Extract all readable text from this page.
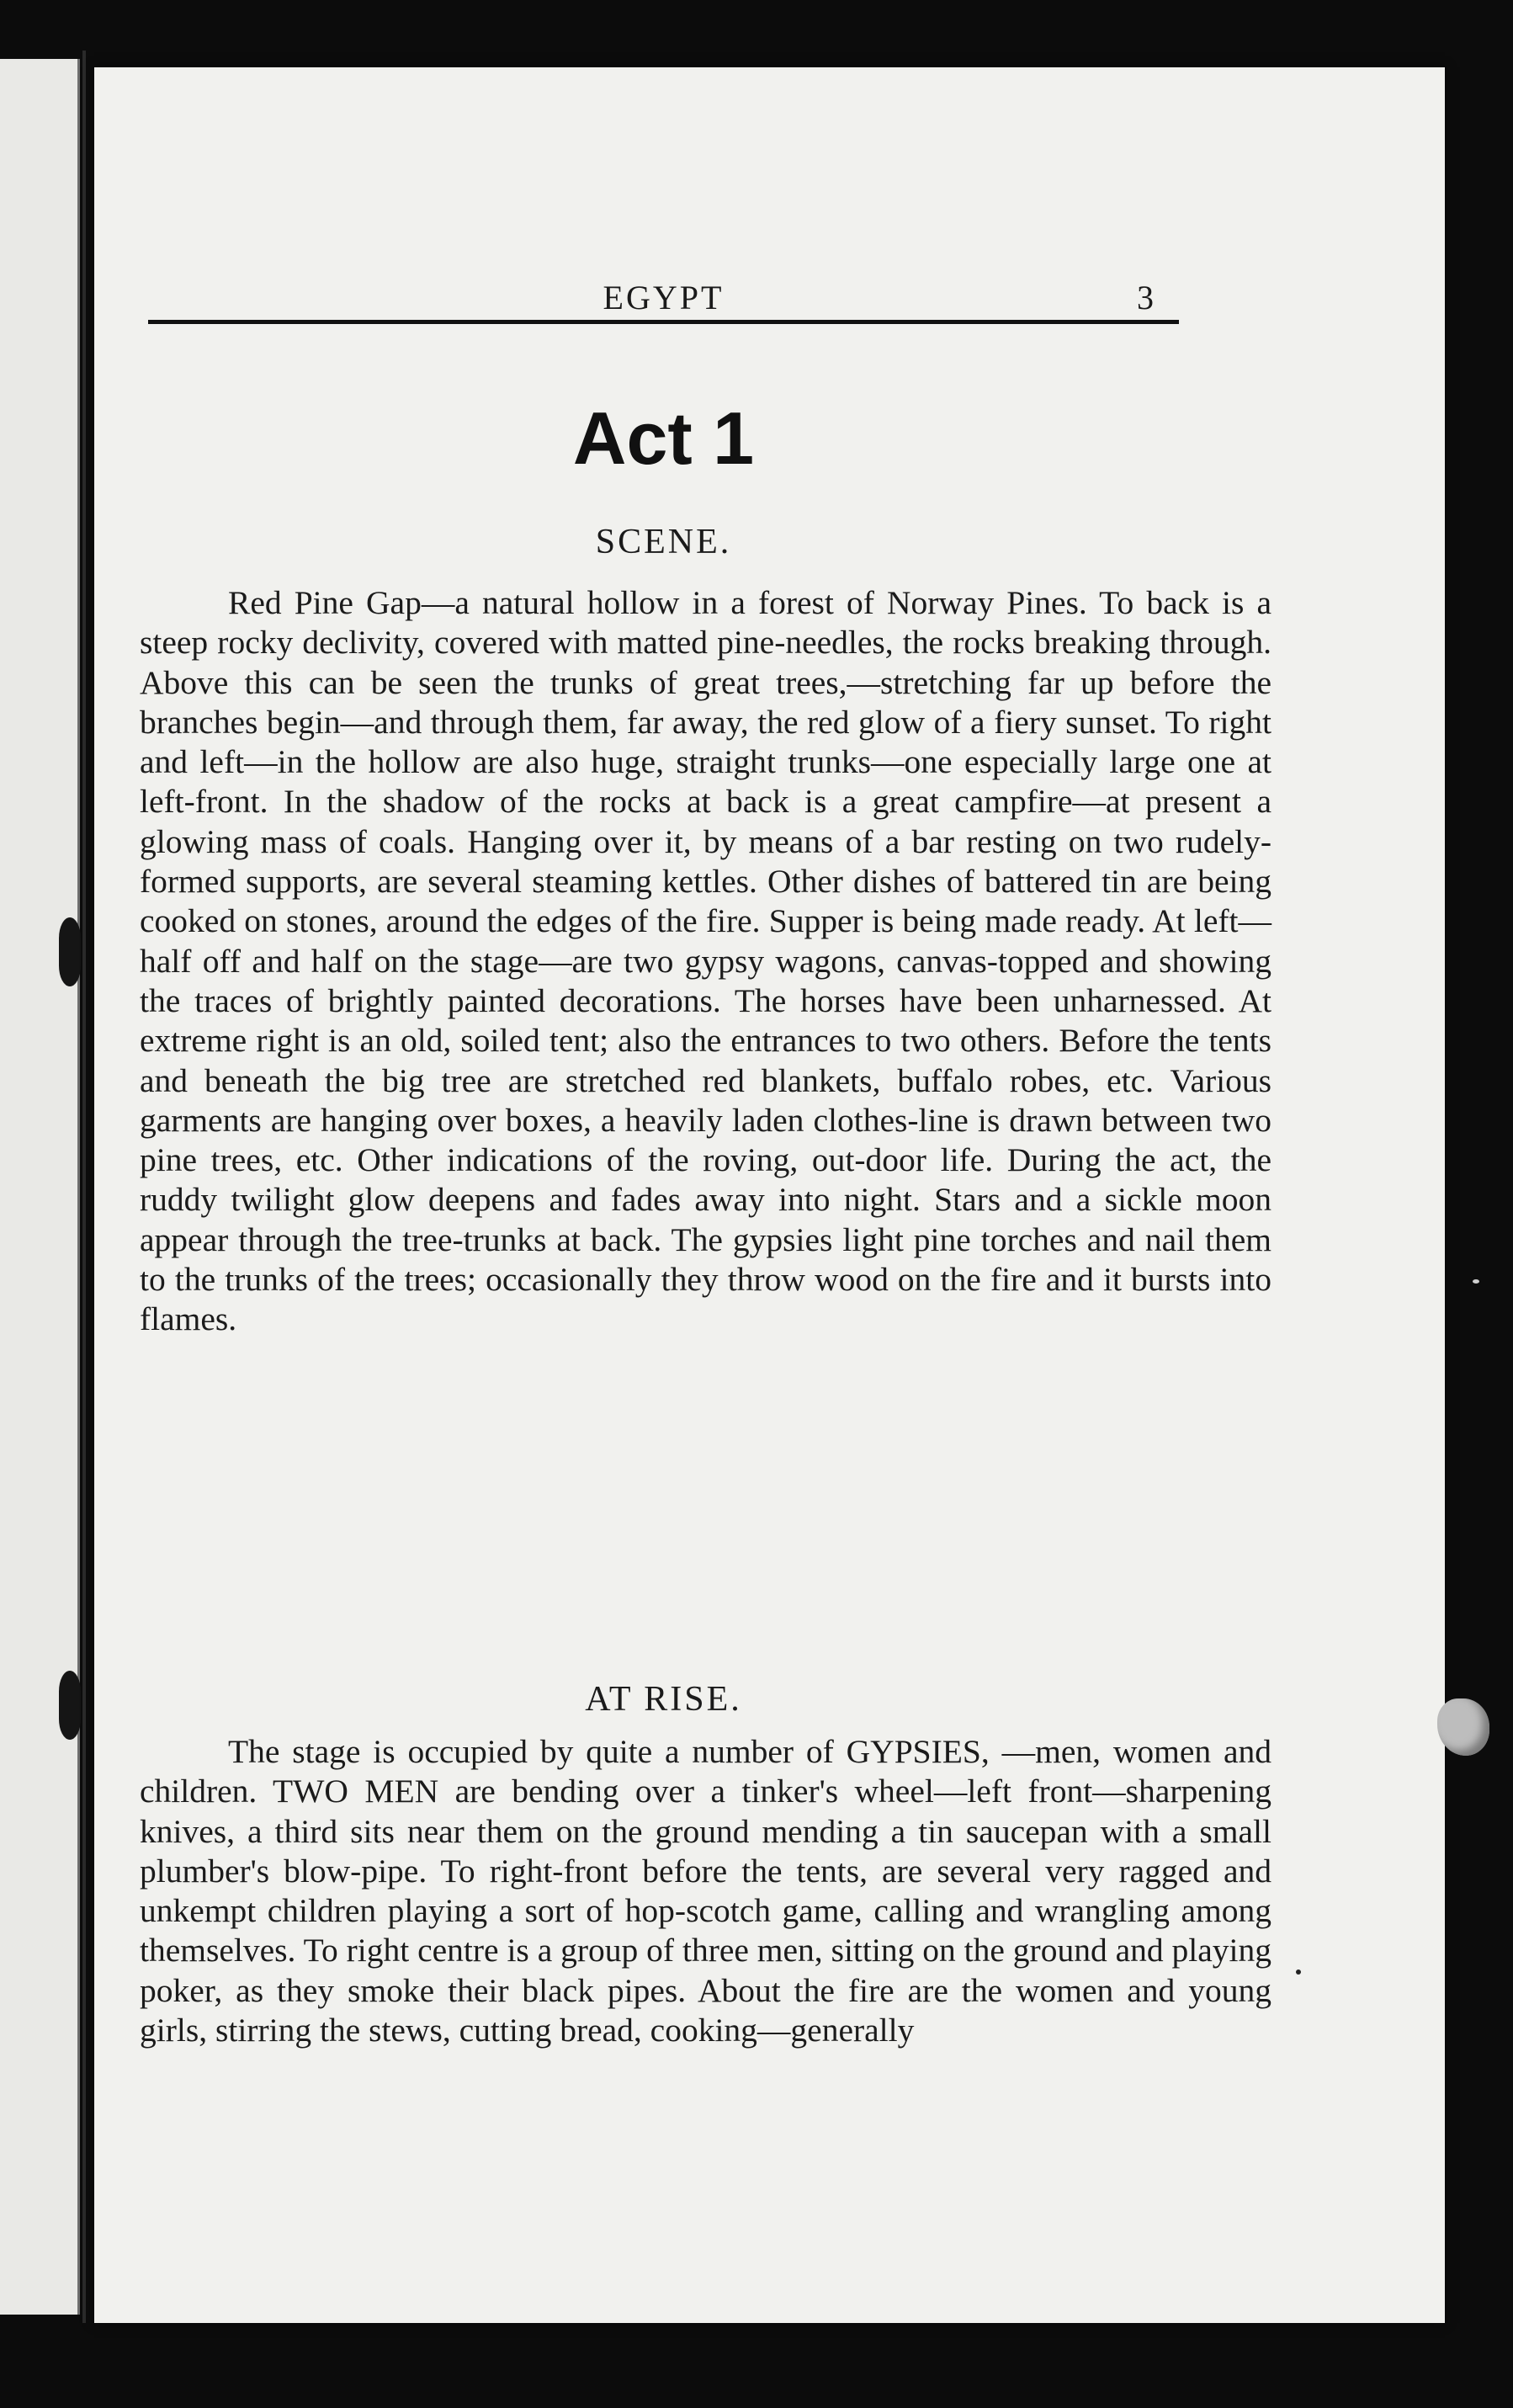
EGYPT	3
Act 1
SCENE.

Red Pine Gap—a natural hollow in a forest of Norway Pines. To back is a steep rocky declivity, covered with matted pine-needles, the rocks breaking through. Above this can be seen the trunks of great trees,—stretching far up before the branches begin—and through them, far away, the red glow of a fiery sunset. To right and left—in the hollow are also huge, straight trunks—one especially large one at left-front. In the shadow of the rocks at back is a great campfire—at present a glowing mass of coals. Hanging over it, by means of a bar resting on two rudely-formed supports, are several steaming kettles. Other dishes of battered tin are being cooked on stones, around the edges of the fire. Supper is being made ready. At left—half off and half on the stage—are two gypsy wagons, canvas-topped and showing the traces of brightly painted decorations. The horses have been unharnessed. At extreme right is an old, soiled tent; also the entrances to two others. Before the tents and beneath the big tree are stretched red blankets, buffalo robes, etc. Various garments are hanging over boxes, a heavily laden clothes-line is drawn between two pine trees, etc. Other indications of the roving, out-door life. During the act, the ruddy twilight glow deepens and fades away into night. Stars and a sickle moon appear through the tree-trunks at back. The gypsies light pine torches and nail them to the trunks of the trees; occasionally they throw wood on the fire and it bursts into flames.

AT RISE.

The stage is occupied by quite a number of GYPSIES, —men, women and children. TWO MEN are bending over a tinker's wheel—left front—sharpening knives, a third sits near them on the ground mending a tin saucepan with a small plumber's blow-pipe. To right-front before the tents, are several very ragged and unkempt children playing a sort of hop-scotch game, calling and wrangling among themselves. To right centre is a group of three men, sitting on the ground and playing poker, as they smoke their black pipes. About the fire are the women and young girls, stirring the stews, cutting bread, cooking—generally
